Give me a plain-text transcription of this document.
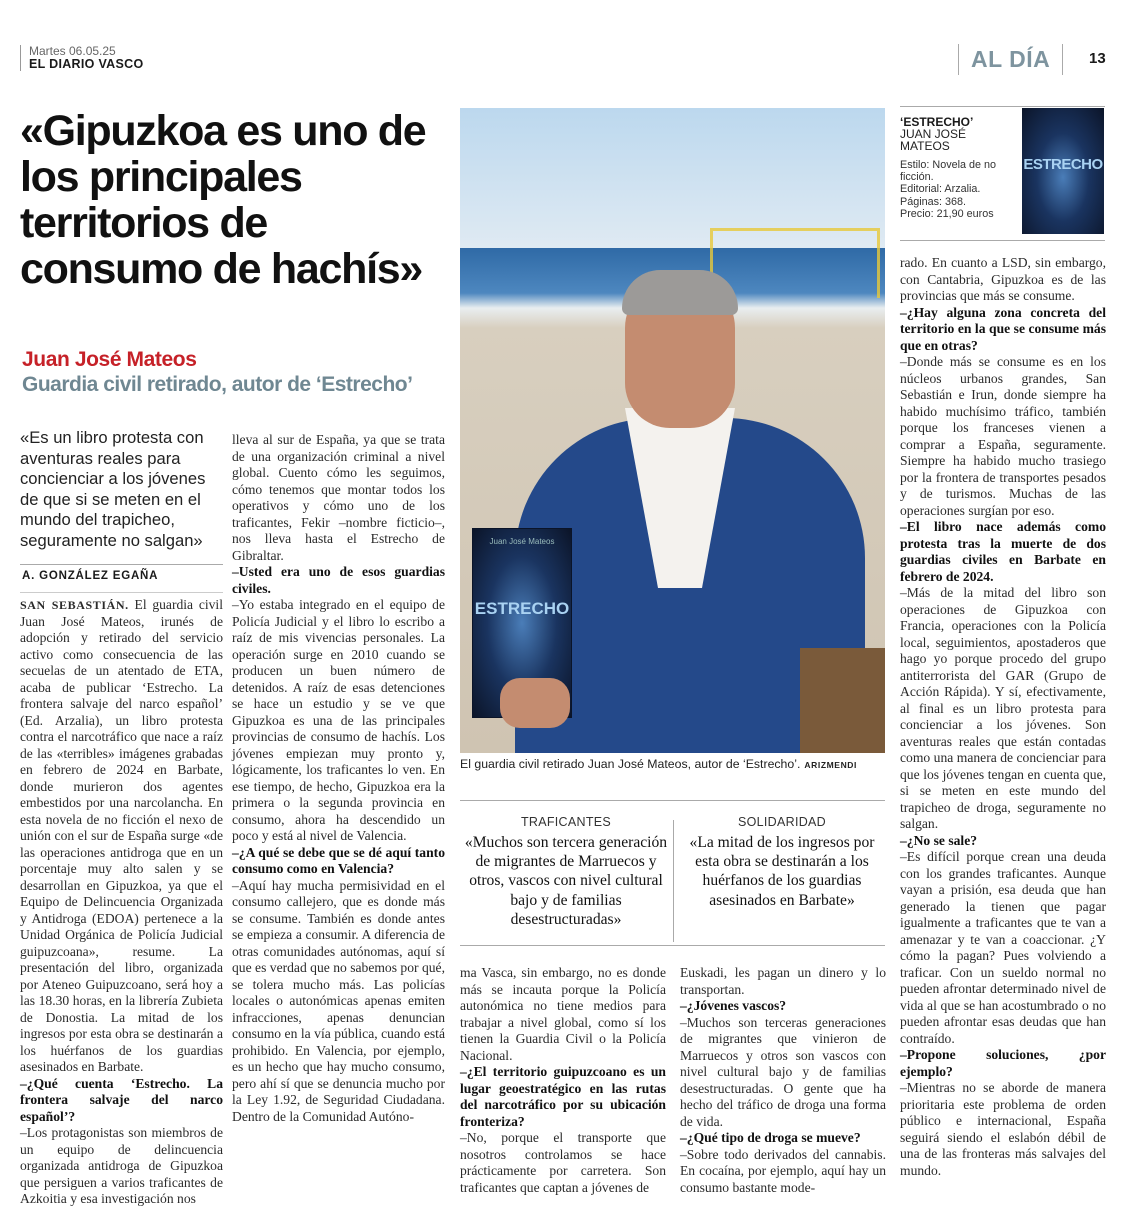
Martes 06.05.25
EL DIARIO VASCO	AL DÍA	13
«Gipuzkoa es uno de los principales territorios de consumo de hachís»
Juan José Mateos
Guardia civil retirado, autor de ‘Estrecho’
«Es un libro protesta con aventuras reales para concienciar a los jóvenes de que si se meten en el mundo del trapicheo, seguramente no salgan»
A. GONZÁLEZ EGAÑA

SAN SEBASTIÁN. El guardia civil Juan José Mateos, irunés de adopción y retirado del servicio activo como consecuencia de las secuelas de un atentado de ETA, acaba de publicar ‘Estrecho. La frontera salvaje del narco español’ (Ed. Arzalia), un libro protesta contra el narcotráfico que nace a raíz de las «terribles» imágenes grabadas en febrero de 2024 en Barbate, donde murieron dos agentes embestidos por una narcolancha. En esta novela de no ficción el nexo de unión con el sur de España surge «de las operaciones antidroga que en un porcentaje muy alto salen y se desarrollan en Gipuzkoa, ya que el Equipo de Delincuencia Organizada y Antidroga (EDOA) pertenece a la Unidad Orgánica de Policía Judicial guipuzcoana», resume. La presentación del libro, organizada por Ateneo Guipuzcoano, será hoy a las 18.30 horas, en la librería Zubieta de Donostia. La mitad de los ingresos por esta obra se destinarán a los huérfanos de los guardias asesinados en Barbate.

–¿Qué cuenta ‘Estrecho. La frontera salvaje del narco español’?

–Los protagonistas son miembros de un equipo de delincuencia organizada antidroga de Gipuzkoa que persiguen a varios traficantes de Azkoitia y esa investigación nos

lleva al sur de España, ya que se trata de una organización criminal a nivel global. Cuento cómo les seguimos, cómo tenemos que montar todos los operativos y cómo uno de los traficantes, Fekir –nombre ficticio–, nos lleva hasta el Estrecho de Gibraltar.

–Usted era uno de esos guardias civiles.

–Yo estaba integrado en el equipo de Policía Judicial y el libro lo escribo a raíz de mis vivencias personales. La operación surge en 2010 cuando se producen un buen número de detenidos. A raíz de esas detenciones se hace un estudio y se ve que Gipuzkoa es una de las principales provincias de consumo de hachís. Los jóvenes empiezan muy pronto y, lógicamente, los traficantes lo ven. En ese tiempo, de hecho, Gipuzkoa era la primera o la segunda provincia en consumo, ahora ha descendido un poco y está al nivel de Valencia.

–¿A qué se debe que se dé aquí tanto consumo como en Valencia?

–Aquí hay mucha permisividad en el consumo callejero, que es donde más se consume. También es donde antes se empieza a consumir. A diferencia de otras comunidades autónomas, aquí sí que es verdad que no sabemos por qué, se tolera mucho más. Las policías locales o autonómicas apenas emiten infracciones, apenas denuncian consumo en la vía pública, cuando está prohibido. En Valencia, por ejemplo, es un hecho que hay mucho consumo, pero ahí sí que se denuncia mucho por la Ley 1.92, de Seguridad Ciudadana. Dentro de la Comunidad Autóno-

ma Vasca, sin embargo, no es donde más se incauta porque la Policía autonómica no tiene medios para trabajar a nivel global, como sí los tienen la Guardia Civil o la Policía Nacional.

–¿El territorio guipuzcoano es un lugar geoestratégico en las rutas del narcotráfico por su ubicación fronteriza?

–No, porque el transporte que nosotros controlamos se hace prácticamente por carretera. Son traficantes que captan a jóvenes de

Euskadi, les pagan un dinero y lo transportan.

–¿Jóvenes vascos?

–Muchos son terceras generaciones de migrantes que vinieron de Marruecos y otros son vascos con nivel cultural bajo y de familias desestructuradas. O gente que ha hecho del tráfico de droga una forma de vida.

–¿Qué tipo de droga se mueve?

–Sobre todo derivados del cannabis. En cocaína, por ejemplo, aquí hay un consumo bastante mode-

rado. En cuanto a LSD, sin embargo, con Cantabria, Gipuzkoa es de las provincias que más se consume.

–¿Hay alguna zona concreta del territorio en la que se consume más que en otras?

–Donde más se consume es en los núcleos urbanos grandes, San Sebastián e Irun, donde siempre ha habido muchísimo tráfico, también porque los franceses vienen a comprar a España, seguramente. Siempre ha habido mucho trasiego por la frontera de transportes pesados y de turismos. Muchas de las operaciones surgían por eso.

–El libro nace además como protesta tras la muerte de dos guardias civiles en Barbate en febrero de 2024.

–Más de la mitad del libro son operaciones de Gipuzkoa con Francia, operaciones con la Policía local, seguimientos, apostaderos que hago yo porque procedo del grupo antiterrorista del GAR (Grupo de Acción Rápida). Y sí, efectivamente, al final es un libro protesta para concienciar a los jóvenes. Son aventuras reales que están contadas como una manera de concienciar para que los jóvenes tengan en cuenta que, si se meten en este mundo del trapicheo de droga, seguramente no salgan.

–¿No se sale?

–Es difícil porque crean una deuda con los grandes traficantes. Aunque vayan a prisión, esa deuda que han generado la tienen que pagar igualmente a traficantes que te van a amenazar y te van a coaccionar. ¿Y cómo la pagan? Pues volviendo a traficar. Con un sueldo normal no pueden afrontar determinado nivel de vida al que se han acostumbrado o no pueden afrontar esas deudas que han contraído.

–Propone soluciones, ¿por ejemplo?

–Mientras no se aborde de manera prioritaria este problema de orden público e internacional, España seguirá siendo el eslabón débil de una de las fronteras más salvajes del mundo.

Juan José Mateos
ESTRECHO
El guardia civil retirado Juan José Mateos, autor de ‘Estrecho’. ARIZMENDI
TRAFICANTES
«Muchos son tercera generación de migrantes de Marruecos y otros, vascos con nivel cultural bajo y de familias desestructuradas»
SOLIDARIDAD
«La mitad de los ingresos por esta obra se destinarán a los huérfanos de los guardias asesinados en Barbate»
‘ESTRECHO’
JUAN JOSÉ MATEOS
Estilo: Novela de no ficción.
Editorial: Arzalia.
Páginas: 368.
Precio: 21,90 euros
ESTRECHO
